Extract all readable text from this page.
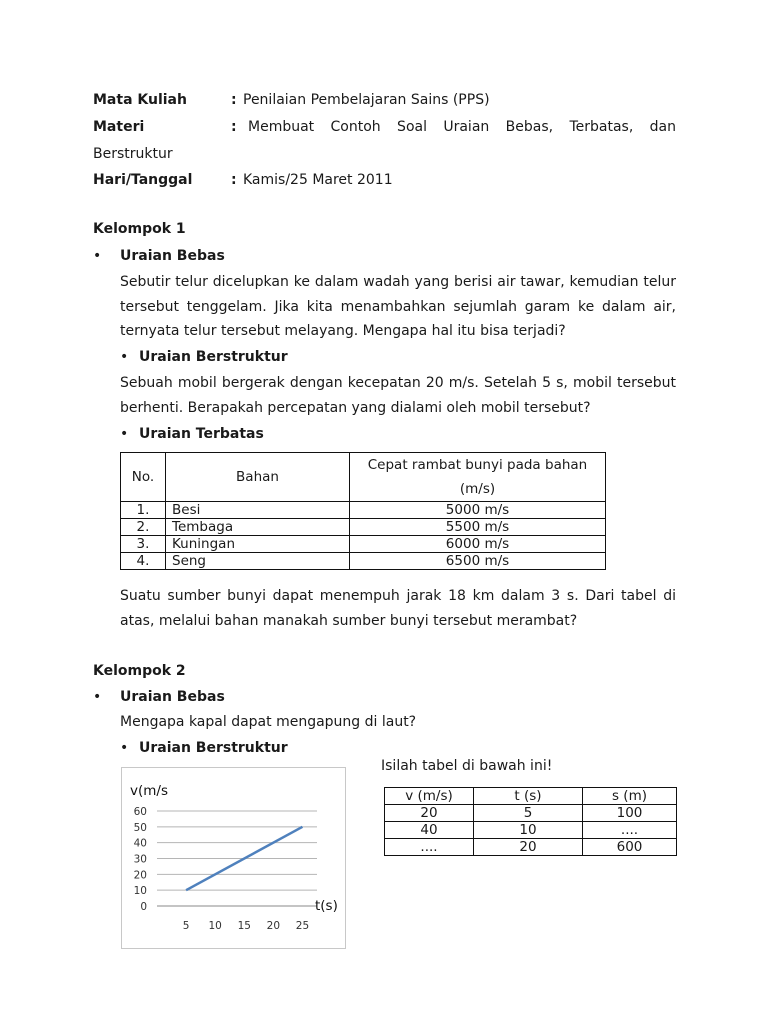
Mata Kuliah	: Penilaian Pembelajaran Sains (PPS)
Materi	: Membuat Contoh Soal Uraian Bebas, Terbatas, dan
Berstruktur
Hari/Tanggal	: Kamis/25 Maret 2011
Kelompok 1
• Uraian Bebas
Sebutir telur dicelupkan ke dalam wadah yang berisi air tawar, kemudian telur
tersebut tenggelam. Jika kita menambahkan sejumlah garam ke dalam air,
ternyata telur tersebut melayang. Mengapa hal itu bisa terjadi?
• Uraian Berstruktur
Sebuah mobil bergerak dengan kecepatan 20 m/s. Setelah 5 s, mobil tersebut
berhenti. Berapakah percepatan yang dialami oleh mobil tersebut?
• Uraian Terbatas
No.	Bahan	Cepat rambat bunyi pada bahan
(m/s)
1.	Besi	5000 m/s
2.	Tembaga	5500 m/s
3.	Kuningan	6000 m/s
4.	Seng	6500 m/s
Suatu sumber bunyi dapat menempuh jarak 18 km dalam 3 s. Dari tabel di
atas, melalui bahan manakah sumber bunyi tersebut merambat?
Kelompok 2
• Uraian Bebas
Mengapa kapal dapat mengapung di laut?
• Uraian Berstruktur
0
10
20
30
40
50
60
5 10 15 20 25
v(m/s
t(s)
Isilah tabel di bawah ini!
v (m/s)	t (s)	s (m)
20	5	100
40	10	....
....	20	600
